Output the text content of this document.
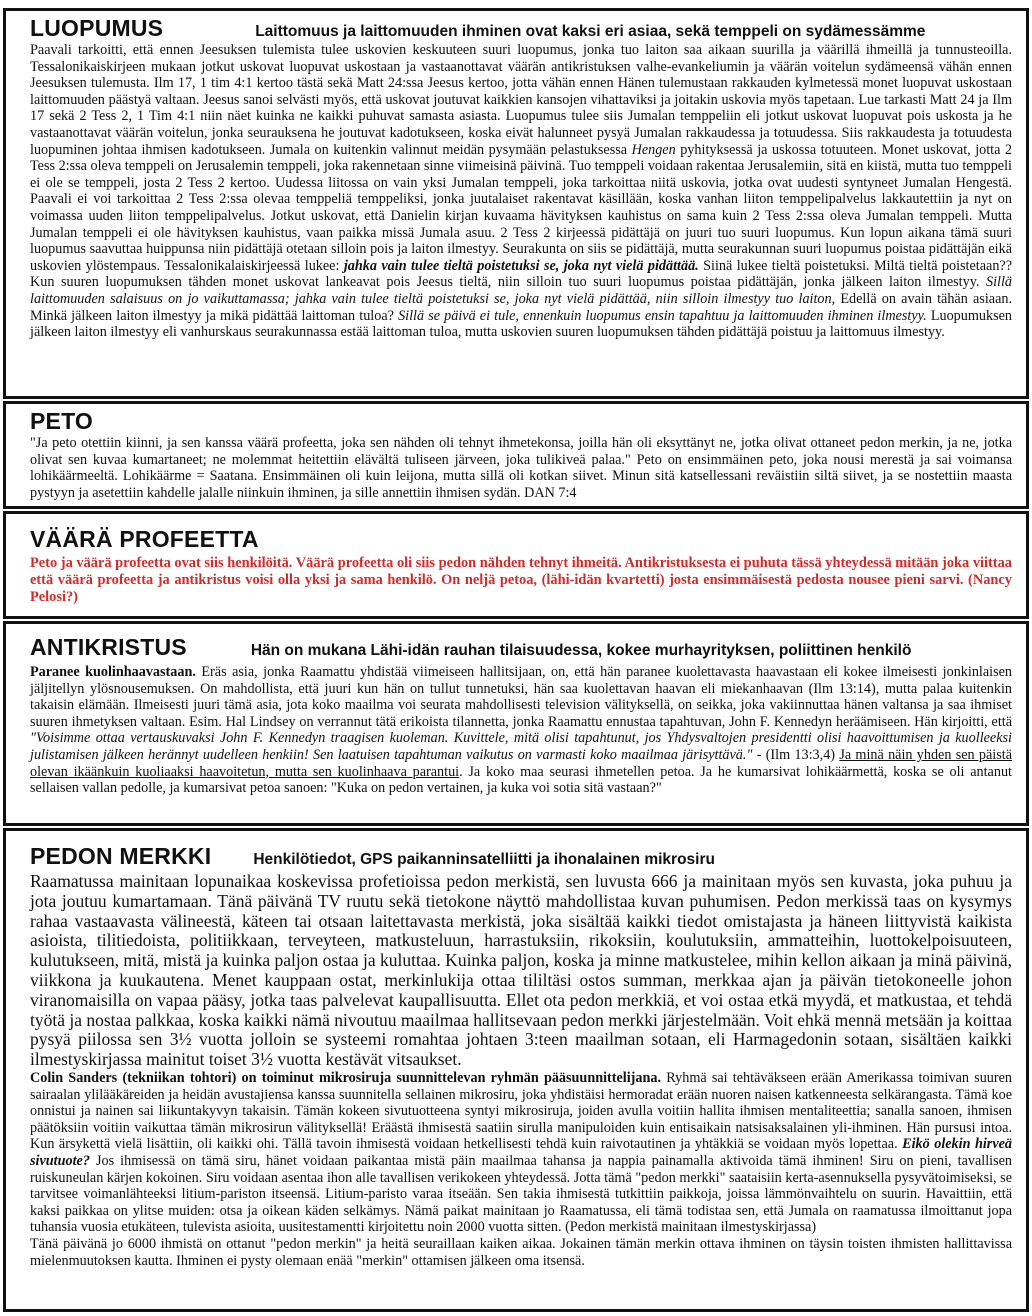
LUOPUMUS	Laittomuus ja laittomuuden ihminen ovat kaksi eri asiaa, sekä temppeli on sydämessämme

Paavali tarkoitti, että ennen Jeesuksen tulemista tulee uskovien keskuuteen suuri luopumus, jonka tuo laiton saa aikaan suurilla ja väärillä ihmeillä ja tunnusteoilla. Tessalonikaiskirjeen mukaan jotkut uskovat luopuvat uskostaan ja vastaanottavat väärän antikristuksen valhe-evankeliumin ja väärän voitelun sydämeensä vähän ennen Jeesuksen tulemusta. Ilm 17, 1 tim 4:1 kertoo tästä sekä Matt 24:ssa Jeesus kertoo, jotta vähän ennen Hänen tulemustaan rakkauden kylmetessä monet luopuvat uskostaan laittomuuden päästyä valtaan. Jeesus sanoi selvästi myös, että uskovat joutuvat kaikkien kansojen vihattaviksi ja joitakin uskovia myös tapetaan. Lue tarkasti Matt 24 ja Ilm 17 sekä 2 Tess 2, 1 Tim 4:1 niin näet kuinka ne kaikki puhuvat samasta asiasta. Luopumus tulee siis Jumalan temppeliin eli jotkut uskovat luopuvat pois uskosta ja he vastaanottavat väärän voitelun, jonka seurauksena he joutuvat kadotukseen, koska eivät halunneet pysyä Jumalan rakkaudessa ja totuudessa. Siis rakkaudesta ja totuudesta luopuminen johtaa ihmisen kadotukseen. Jumala on kuitenkin valinnut meidän pysymään pelastuksessa Hengen pyhityksessä ja uskossa totuuteen. Monet uskovat, jotta 2 Tess 2:ssa oleva temppeli on Jerusalemin temppeli, joka rakennetaan sinne viimeisinä päivinä. Tuo temppeli voidaan rakentaa Jerusalemiin, sitä en kiistä, mutta tuo temppeli ei ole se temppeli, josta 2 Tess 2 kertoo. Uudessa liitossa on vain yksi Jumalan temppeli, joka tarkoittaa niitä uskovia, jotka ovat uudesti syntyneet Jumalan Hengestä. Paavali ei voi tarkoittaa 2 Tess 2:ssa olevaa temppeliä temppeliksi, jonka juutalaiset rakentavat käsillään, koska vanhan liiton temppelipalvelus lakkautettiin ja nyt on voimassa uuden liiton temppelipalvelus. Jotkut uskovat, että Danielin kirjan kuvaama hävityksen kauhistus on sama kuin 2 Tess 2:ssa oleva Jumalan temppeli. Mutta Jumalan temppeli ei ole hävityksen kauhistus, vaan paikka missä Jumala asuu. 2 Tess 2 kirjeessä pidättäjä on juuri tuo suuri luopumus. Kun lopun aikana tämä suuri luopumus saavuttaa huippunsa niin pidättäjä otetaan silloin pois ja laiton ilmestyy. Seurakunta on siis se pidättäjä, mutta seurakunnan suuri luopumus poistaa pidättäjän eikä uskovien ylöstempaus. Tessalonikalaiskirjeessä lukee: jahka vain tulee tieltä poistetuksi se, joka nyt vielä pidättää. Siinä lukee tieltä poistetuksi. Miltä tieltä poistetaan?? Kun suuren luopumuksen tähden monet uskovat lankeavat pois Jeesus tieltä, niin silloin tuo suuri luopumus poistaa pidättäjän, jonka jälkeen laiton ilmestyy. Sillä laittomuuden salaisuus on jo vaikuttamassa; jahka vain tulee tieltä poistetuksi se, joka nyt vielä pidättää, niin silloin ilmestyy tuo laiton, Edellä on avain tähän asiaan. Minkä jälkeen laiton ilmestyy ja mikä pidättää laittoman tuloa? Sillä se päivä ei tule, ennenkuin luopumus ensin tapahtuu ja laittomuuden ihminen ilmestyy. Luopumuksen jälkeen laiton ilmestyy eli vanhurskaus seurakunnassa estää laittoman tuloa, mutta uskovien suuren luopumuksen tähden pidättäjä poistuu ja laittomuus ilmestyy.

PETO

"Ja peto otettiin kiinni, ja sen kanssa väärä profeetta, joka sen nähden oli tehnyt ihmetekonsa, joilla hän oli eksyttänyt ne, jotka olivat ottaneet pedon merkin, ja ne, jotka olivat sen kuvaa kumartaneet; ne molemmat heitettiin elävältä tuliseen järveen, joka tulikiveä palaa." Peto on ensimmäinen peto, joka nousi merestä ja sai voimansa lohikäärmeeltä. Lohikäärme = Saatana. Ensimmäinen oli kuin leijona, mutta sillä oli kotkan siivet. Minun sitä katsellessani reväistiin siltä siivet, ja se nostettiin maasta pystyyn ja asetettiin kahdelle jalalle niinkuin ihminen, ja sille annettiin ihmisen sydän. DAN 7:4

VÄÄRÄ PROFEETTA

Peto ja väärä profeetta ovat siis henkilöitä. Väärä profeetta oli siis pedon nähden tehnyt ihmeitä. Antikristuksesta ei puhuta tässä yhteydessä mitään joka viittaa että väärä profeetta ja antikristus voisi olla yksi ja sama henkilö. On neljä petoa, (lähi-idän kvartetti) josta ensimmäisestä pedosta nousee pieni sarvi. (Nancy Pelosi?)

ANTIKRISTUS	Hän on mukana Lähi-idän rauhan tilaisuudessa, kokee murhayrityksen, poliittinen henkilö

Paranee kuolinhaavastaan. Eräs asia, jonka Raamattu yhdistää viimeiseen hallitsijaan, on, että hän paranee kuolettavasta haavastaan eli kokee ilmeisesti jonkinlaisen jäljitellyn ylösnousemuksen. On mahdollista, että juuri kun hän on tullut tunnetuksi, hän saa kuolettavan haavan eli miekanhaavan (Ilm 13:14), mutta palaa kuitenkin takaisin elämään. Ilmeisesti juuri tämä asia, jota koko maailma voi seurata mahdollisesti television välityksellä, on seikka, joka vakiinnuttaa hänen valtansa ja saa ihmiset suuren ihmetyksen valtaan. Esim. Hal Lindsey on verrannut tätä erikoista tilannetta, jonka Raamattu ennustaa tapahtuvan, John F. Kennedyn heräämiseen. Hän kirjoitti, että "Voisimme ottaa vertauskuvaksi John F. Kennedyn traagisen kuoleman. Kuvittele, mitä olisi tapahtunut, jos Yhdysvaltojen presidentti olisi haavoittumisen ja kuolleeksi julistamisen jälkeen herännyt uudelleen henkiin! Sen laatuisen tapahtuman vaikutus on varmasti koko maailmaa järisyttävä." - (Ilm 13:3,4) Ja minä näin yhden sen päistä olevan ikäänkuin kuoliaaksi haavoitetun, mutta sen kuolinhaava parantui. Ja koko maa seurasi ihmetellen petoa. Ja he kumarsivat lohikäärmettä, koska se oli antanut sellaisen vallan pedolle, ja kumarsivat petoa sanoen: "Kuka on pedon vertainen, ja kuka voi sotia sitä vastaan?"

PEDON MERKKI	Henkilötiedot, GPS paikanninsatelliitti ja ihonalainen mikrosiru

Raamatussa mainitaan lopunaikaa koskevissa profetioissa pedon merkistä, sen luvusta 666 ja mainitaan myös sen kuvasta, joka puhuu ja jota joutuu kumartamaan. Tänä päivänä TV ruutu sekä tietokone näyttö mahdollistaa kuvan puhumisen. Pedon merkissä taas on kysymys rahaa vastaavasta välineestä, käteen tai otsaan laitettavasta merkistä, joka sisältää kaikki tiedot omistajasta ja häneen liittyvistä kaikista asioista, tilitiedoista, politiikkaan, terveyteen, matkusteluun, harrastuksiin, rikoksiin, koulutuksiin, ammatteihin, luottokelpoisuuteen, kulutukseen, mitä, mistä ja kuinka paljon ostaa ja kuluttaa. Kuinka paljon, koska ja minne matkustelee, mihin kellon aikaan ja minä päivinä, viikkona ja kuukautena. Menet kauppaan ostat, merkinlukija ottaa tililtäsi ostos summan, merkkaa ajan ja päivän tietokoneelle johon viranomaisilla on vapaa pääsy, jotka taas palvelevat kaupallisuutta. Ellet ota pedon merkkiä, et voi ostaa etkä myydä, et matkustaa, et tehdä työtä ja nostaa palkkaa, koska kaikki nämä nivoutuu maailmaa hallitsevaan pedon merkki järjestelmään. Voit ehkä mennä metsään ja koittaa pysyä piilossa sen 3½ vuotta jolloin se systeemi romahtaa johtaen 3:teen maailman sotaan, eli Harmagedonin sotaan, sisältäen kaikki ilmestyskirjassa mainitut toiset 3½ vuotta kestävät vitsaukset.

Colin Sanders (tekniikan tohtori) on toiminut mikrosiruja suunnittelevan ryhmän pääsuunnittelijana. Ryhmä sai tehtäväkseen erään Amerikassa toimivan suuren sairaalan ylilääkäreiden ja heidän avustajiensa kanssa suunnitella sellainen mikrosiru, joka yhdistäisi hermoradat erään nuoren naisen katkenneesta selkärangasta. Tämä koe onnistui ja nainen sai liikuntakyvyn takaisin. Tämän kokeen sivutuotteena syntyi mikrosiruja, joiden avulla voitiin hallita ihmisen mentaliteettia; sanalla sanoen, ihmisen päätöksiin voitiin vaikuttaa tämän mikrosirun välityksellä! Eräästä ihmisestä saatiin sirulla manipuloiden kuin entisaikain natsisaksalainen yli-ihminen. Hän pursusi intoa. Kun ärsykettä vielä lisättiin, oli kaikki ohi. Tällä tavoin ihmisestä voidaan hetkellisesti tehdä kuin raivotautinen ja yhtäkkiä se voidaan myös lopettaa. Eikö olekin hirveä sivutuote? Jos ihmisessä on tämä siru, hänet voidaan paikantaa mistä päin maailmaa tahansa ja nappia painamalla aktivoida tämä ihminen! Siru on pieni, tavallisen ruiskuneulan kärjen kokoinen. Siru voidaan asentaa ihon alle tavallisen verikokeen yhteydessä. Jotta tämä "pedon merkki" saataisiin kerta-asennuksella pysyvätoimiseksi, se tarvitsee voimanlähteeksi litium-pariston itseensä. Litium-paristo varaa itseään. Sen takia ihmisestä tutkittiin paikkoja, joissa lämmönvaihtelu on suurin. Havaittiin, että kaksi paikkaa on ylitse muiden: otsa ja oikean käden selkämys. Nämä paikat mainitaan jo Raamatussa, eli tämä todistaa sen, että Jumala on raamatussa ilmoittanut jopa tuhansia vuosia etukäteen, tulevista asioita, uusitestamentti kirjoitettu noin 2000 vuotta sitten. (Pedon merkistä mainitaan ilmestyskirjassa)

Tänä päivänä jo 6000 ihmistä on ottanut "pedon merkin" ja heitä seuraillaan kaiken aikaa. Jokainen tämän merkin ottava ihminen on täysin toisten ihmisten hallittavissa mielenmuutoksen kautta. Ihminen ei pysty olemaan enää "merkin" ottamisen jälkeen oma itsensä.
